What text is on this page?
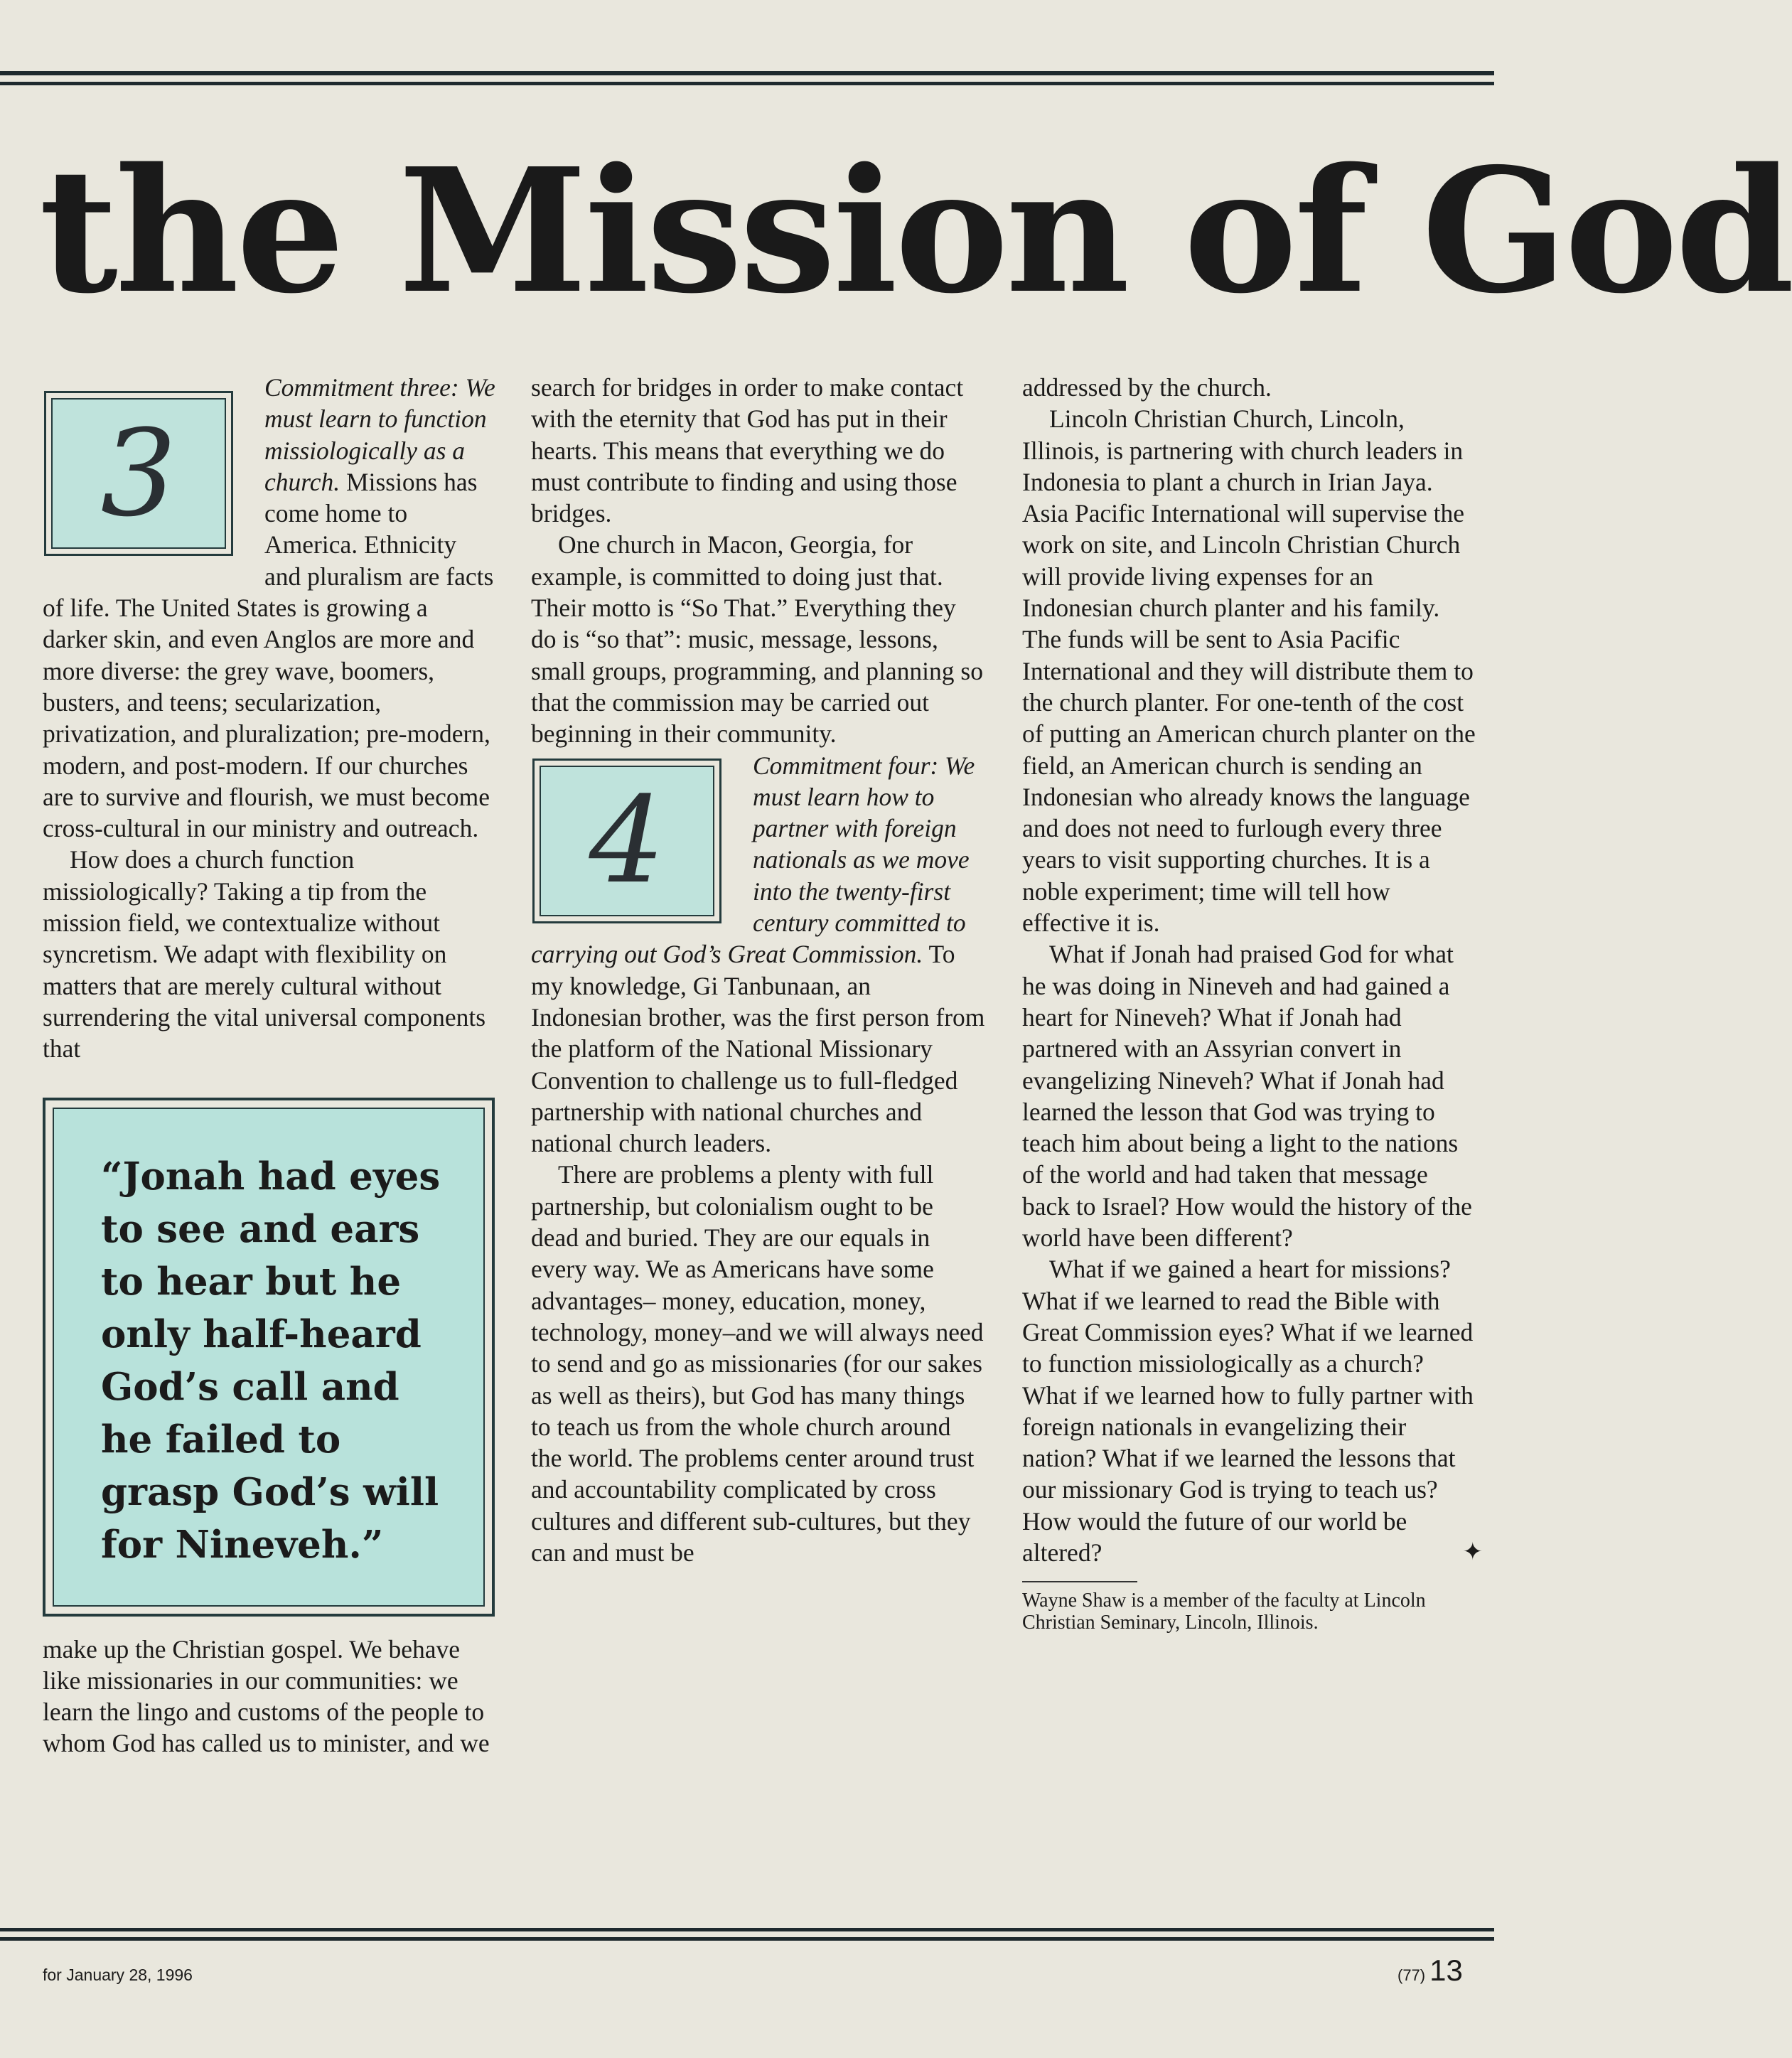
the Mission of God
3

Commitment three: We must learn to function missiologically as a church. Missions has come home to America. Ethnicity and pluralism are facts of life. The United States is growing a darker skin, and even Anglos are more and more diverse: the grey wave, boomers, busters, and teens; secularization, privatization, and pluralization; pre-modern, modern, and post-modern. If our churches are to survive and flourish, we must become cross-cultural in our ministry and outreach.

How does a church function missiologically? Taking a tip from the mission field, we contextualize without syncretism. We adapt with flexibility on matters that are merely cultural without surrendering the vital universal components that

“Jonah had eyes to see and ears to hear but he only half-heard God’s call and he failed to grasp God’s will for Nineveh.”

make up the Christian gospel. We behave like missionaries in our communities: we learn the lingo and customs of the people to whom God has called us to minister, and we

search for bridges in order to make contact with the eternity that God has put in their hearts. This means that everything we do must contribute to finding and using those bridges.

One church in Macon, Georgia, for example, is committed to doing just that. Their motto is “So That.” Everything they do is “so that”: music, message, lessons, small groups, programming, and planning so that the commission may be carried out beginning in their community.

4

Commitment four: We must learn how to partner with foreign nationals as we move into the twenty-first century committed to carrying out God’s Great Commission. To my knowledge, Gi Tanbunaan, an Indonesian brother, was the first person from the platform of the National Missionary Convention to challenge us to full-fledged partnership with national churches and national church leaders.

There are problems a plenty with full partnership, but colonialism ought to be dead and buried. They are our equals in every way. We as Americans have some advantages– money, education, money, technology, money–and we will always need to send and go as missionaries (for our sakes as well as theirs), but God has many things to teach us from the whole church around the world. The problems center around trust and accountability complicated by cross cultures and different sub-cultures, but they can and must be

addressed by the church.

Lincoln Christian Church, Lincoln, Illinois, is partnering with church leaders in Indonesia to plant a church in Irian Jaya. Asia Pacific International will supervise the work on site, and Lincoln Christian Church will provide living expenses for an Indonesian church planter and his family. The funds will be sent to Asia Pacific International and they will distribute them to the church planter. For one-tenth of the cost of putting an American church planter on the field, an American church is sending an Indonesian who already knows the language and does not need to furlough every three years to visit supporting churches. It is a noble experiment; time will tell how effective it is.

What if Jonah had praised God for what he was doing in Nineveh and had gained a heart for Nineveh? What if Jonah had partnered with an Assyrian convert in evangelizing Nineveh? What if Jonah had learned the lesson that God was trying to teach him about being a light to the nations of the world and had taken that message back to Israel? How would the history of the world have been different?

What if we gained a heart for missions? What if we learned to read the Bible with Great Commission eyes? What if we learned to function missiologically as a church? What if we learned how to fully partner with foreign nationals in evangelizing their nation? What if we learned the lessons that our missionary God is trying to teach us? How would the future of our world be altered?	✦

Wayne Shaw is a member of the faculty at Lincoln Christian Seminary, Lincoln, Illinois.
for January 28, 1996	(77) 13
